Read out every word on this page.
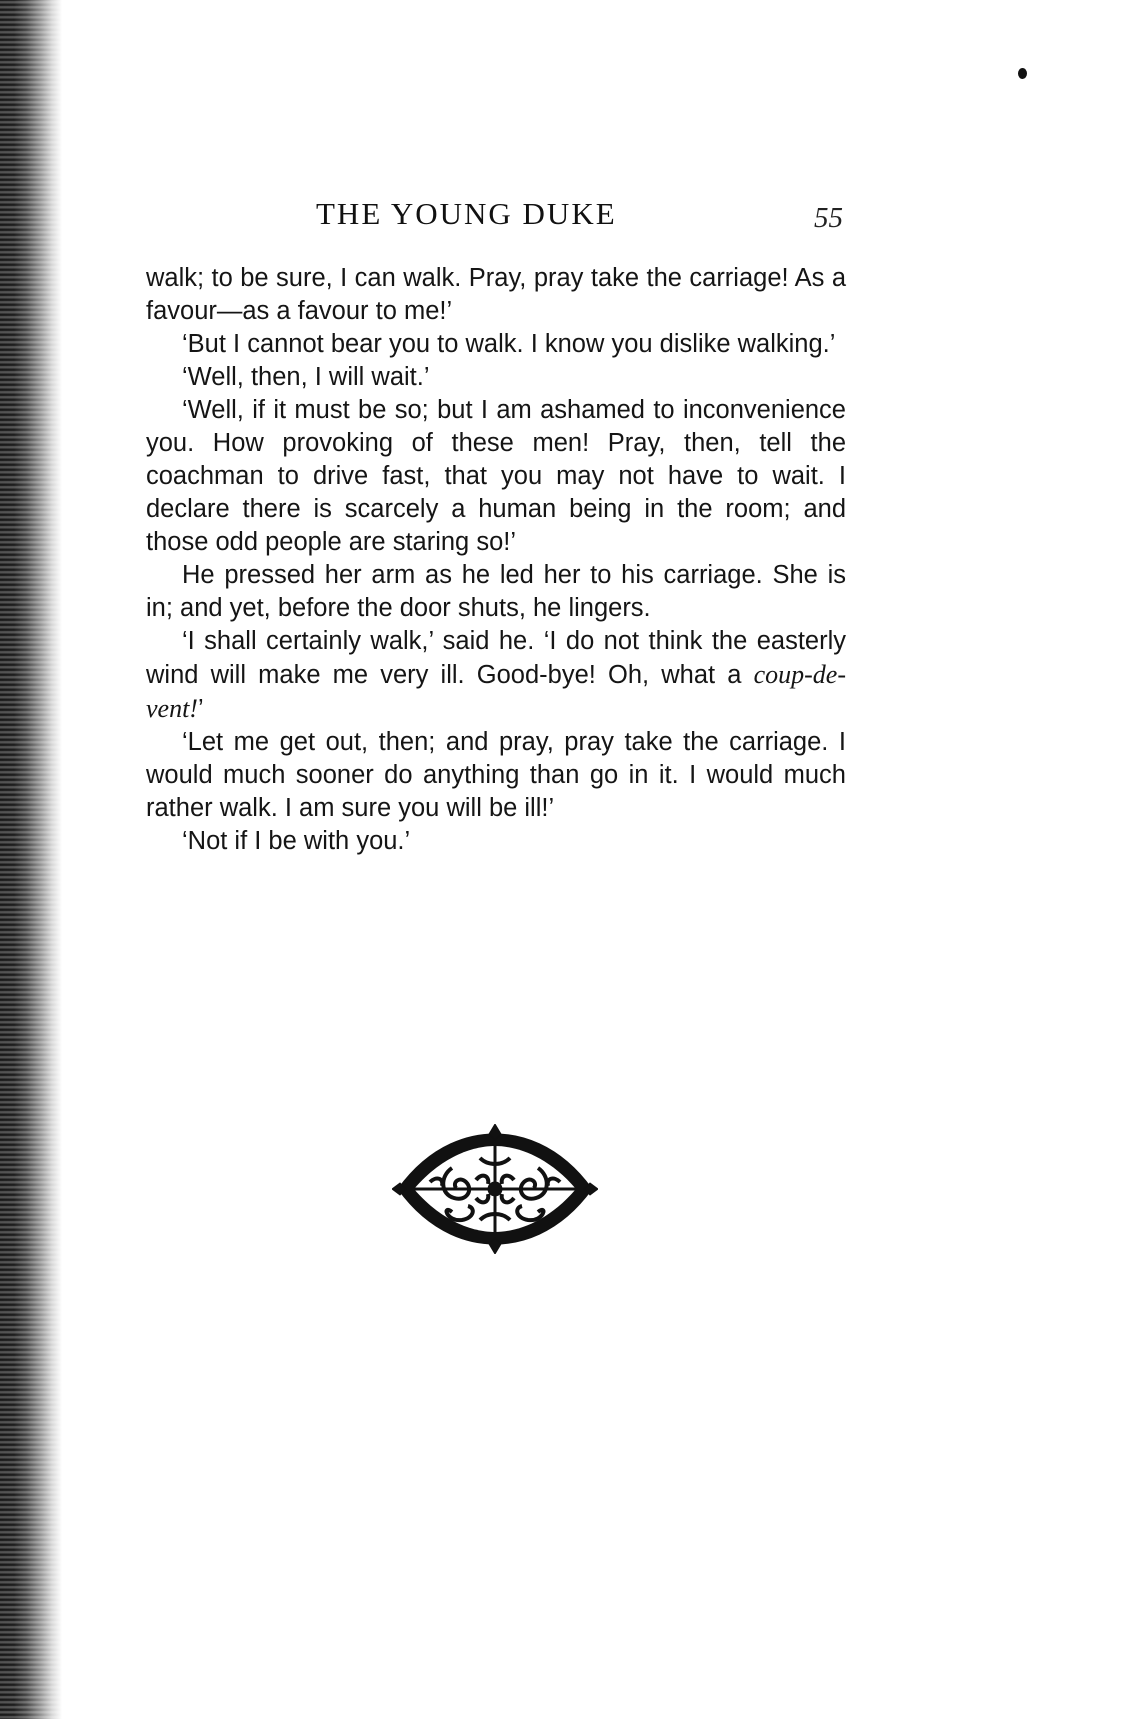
THE YOUNG DUKE	55

walk; to be sure, I can walk. Pray, pray take the carriage! As a favour—as a favour to me!’

‘But I cannot bear you to walk. I know you dislike walking.’

‘Well, then, I will wait.’

‘Well, if it must be so; but I am ashamed to inconvenience you. How provoking of these men! Pray, then, tell the coachman to drive fast, that you may not have to wait. I declare there is scarcely a human being in the room; and those odd people are staring so!’

He pressed her arm as he led her to his carriage. She is in; and yet, before the door shuts, he lingers.

‘I shall certainly walk,’ said he. ‘I do not think the easterly wind will make me very ill. Good-bye! Oh, what a coup-de-vent!’

‘Let me get out, then; and pray, pray take the carriage. I would much sooner do anything than go in it. I would much rather walk. I am sure you will be ill!’

‘Not if I be with you.’
